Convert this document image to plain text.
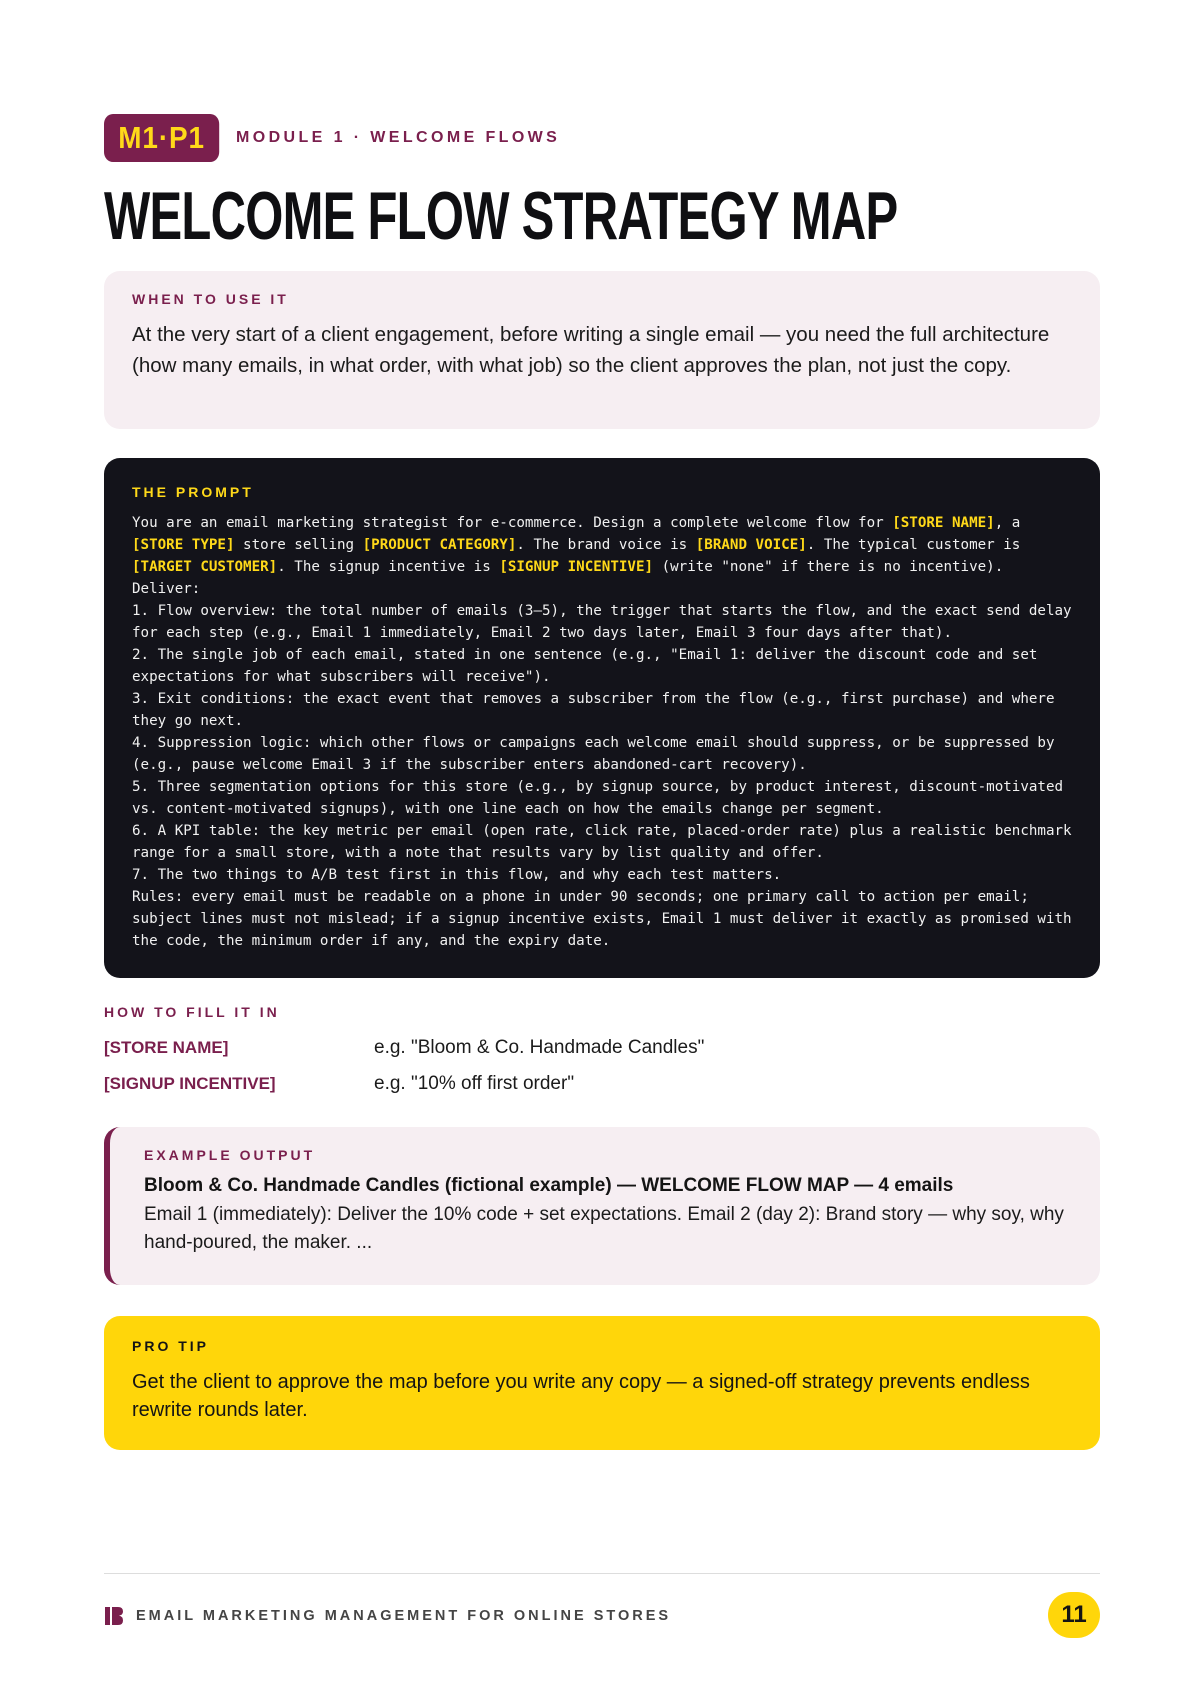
M1·P1	MODULE 1 · WELCOME FLOWS
WELCOME FLOW STRATEGY MAP
WHEN TO USE IT
At the very start of a client engagement, before writing a single email — you need the full architecture (how many emails, in what order, with what job) so the client approves the plan, not just the copy.
THE PROMPT
You are an email marketing strategist for e-commerce. Design a complete welcome flow for [STORE NAME], a [STORE TYPE] store selling [PRODUCT CATEGORY]. The brand voice is [BRAND VOICE]. The typical customer is [TARGET CUSTOMER]. The signup incentive is [SIGNUP INCENTIVE] (write "none" if there is no incentive).
Deliver:
1. Flow overview: the total number of emails (3–5), the trigger that starts the flow, and the exact send delay for each step (e.g., Email 1 immediately, Email 2 two days later, Email 3 four days after that).
2. The single job of each email, stated in one sentence (e.g., "Email 1: deliver the discount code and set expectations for what subscribers will receive").
3. Exit conditions: the exact event that removes a subscriber from the flow (e.g., first purchase) and where they go next.
4. Suppression logic: which other flows or campaigns each welcome email should suppress, or be suppressed by (e.g., pause welcome Email 3 if the subscriber enters abandoned-cart recovery).
5. Three segmentation options for this store (e.g., by signup source, by product interest, discount-motivated vs. content-motivated signups), with one line each on how the emails change per segment.
6. A KPI table: the key metric per email (open rate, click rate, placed-order rate) plus a realistic benchmark range for a small store, with a note that results vary by list quality and offer.
7. The two things to A/B test first in this flow, and why each test matters.
Rules: every email must be readable on a phone in under 90 seconds; one primary call to action per email; subject lines must not mislead; if a signup incentive exists, Email 1 must deliver it exactly as promised with the code, the minimum order if any, and the expiry date.
HOW TO FILL IT IN
[STORE NAME]	e.g. "Bloom & Co. Handmade Candles"
[SIGNUP INCENTIVE]	e.g. "10% off first order"
EXAMPLE OUTPUT
Bloom & Co. Handmade Candles (fictional example) — WELCOME FLOW MAP — 4 emails
Email 1 (immediately): Deliver the 10% code + set expectations. Email 2 (day 2): Brand story — why soy, why hand-poured, the maker. ...
PRO TIP
Get the client to approve the map before you write any copy — a signed-off strategy prevents endless rewrite rounds later.
EMAIL MARKETING MANAGEMENT FOR ONLINE STORES	11
